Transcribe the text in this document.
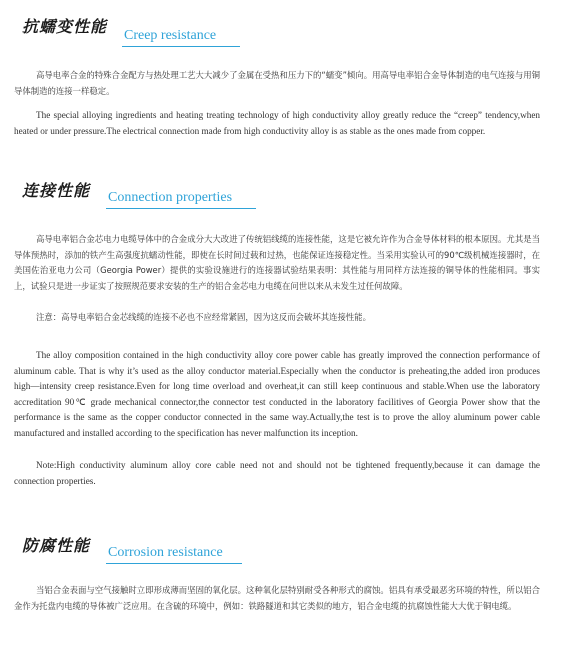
抗蠕变性能 Creep resistance

高导电率合金的特殊合金配方与热处理工艺大大减少了金属在受热和压力下的“蠕变”倾向。用高导电率铝合金导体制造的电气连接与用铜导体制造的连接一样稳定。

The special alloying ingredients and heating treating technology of high conductivity alloy greatly reduce the “creep” tendency,when heated or under pressure.The electrical connection made from high conductivity alloy is as stable as the ones made from copper.

连接性能 Connection properties

高导电率铝合金芯电力电缆导体中的合金成分大大改进了传统铝线缆的连接性能，这是它被允许作为合金导体材料的根本原因。尤其是当导体预热时，添加的铁产生高强度抗蠕动性能，即使在长时间过载和过热，也能保证连接稳定性。当采用实验认可的90℃级机械连接器时，在美国佐治亚电力公司（Georgia Power）提供的实验设施进行的连接器试验结果表明：其性能与用同样方法连接的铜导体的性能相同。事实上，试验只是进一步证实了按照规范要求安装的生产的铝合金芯电力电缆在问世以来从未发生过任何故障。

注意：高导电率铝合金芯线缆的连接不必也不应经常紧固，因为这反而会破坏其连接性能。

The alloy composition contained in the high conductivity alloy core power cable has greatly improved the connection performance of aluminum cable. That is why it’s used as the alloy conductor material.Especially when the conductor is preheating,the added iron produces high—intensity creep resistance.Even for long time overload and overheat,it can still keep continuous and stable.When use the laboratory accreditation 90℃ grade mechanical connector,the connector test conducted in the laboratory facilitives of Georgia Power show that the performance is the same as the copper conductor connected in the same way.Actually,the test is to prove the alloy aluminum power cable manufactured and installed according to the specification has never malfunction its inception.

Note:High conductivity aluminum alloy core cable need not and should not be tightened frequently,because it can damage the connection properties.

防腐性能 Corrosion resistance

当铝合金表面与空气接触时立即形成薄而坚固的氧化层。这种氧化层特别耐受各种形式的腐蚀。铝具有承受最恶劣环境的特性，所以铝合金作为托盘内电缆的导体被广泛应用。在含硫的环境中，例如：铁路隧道和其它类似的地方，铝合金电缆的抗腐蚀性能大大优于铜电缆。
